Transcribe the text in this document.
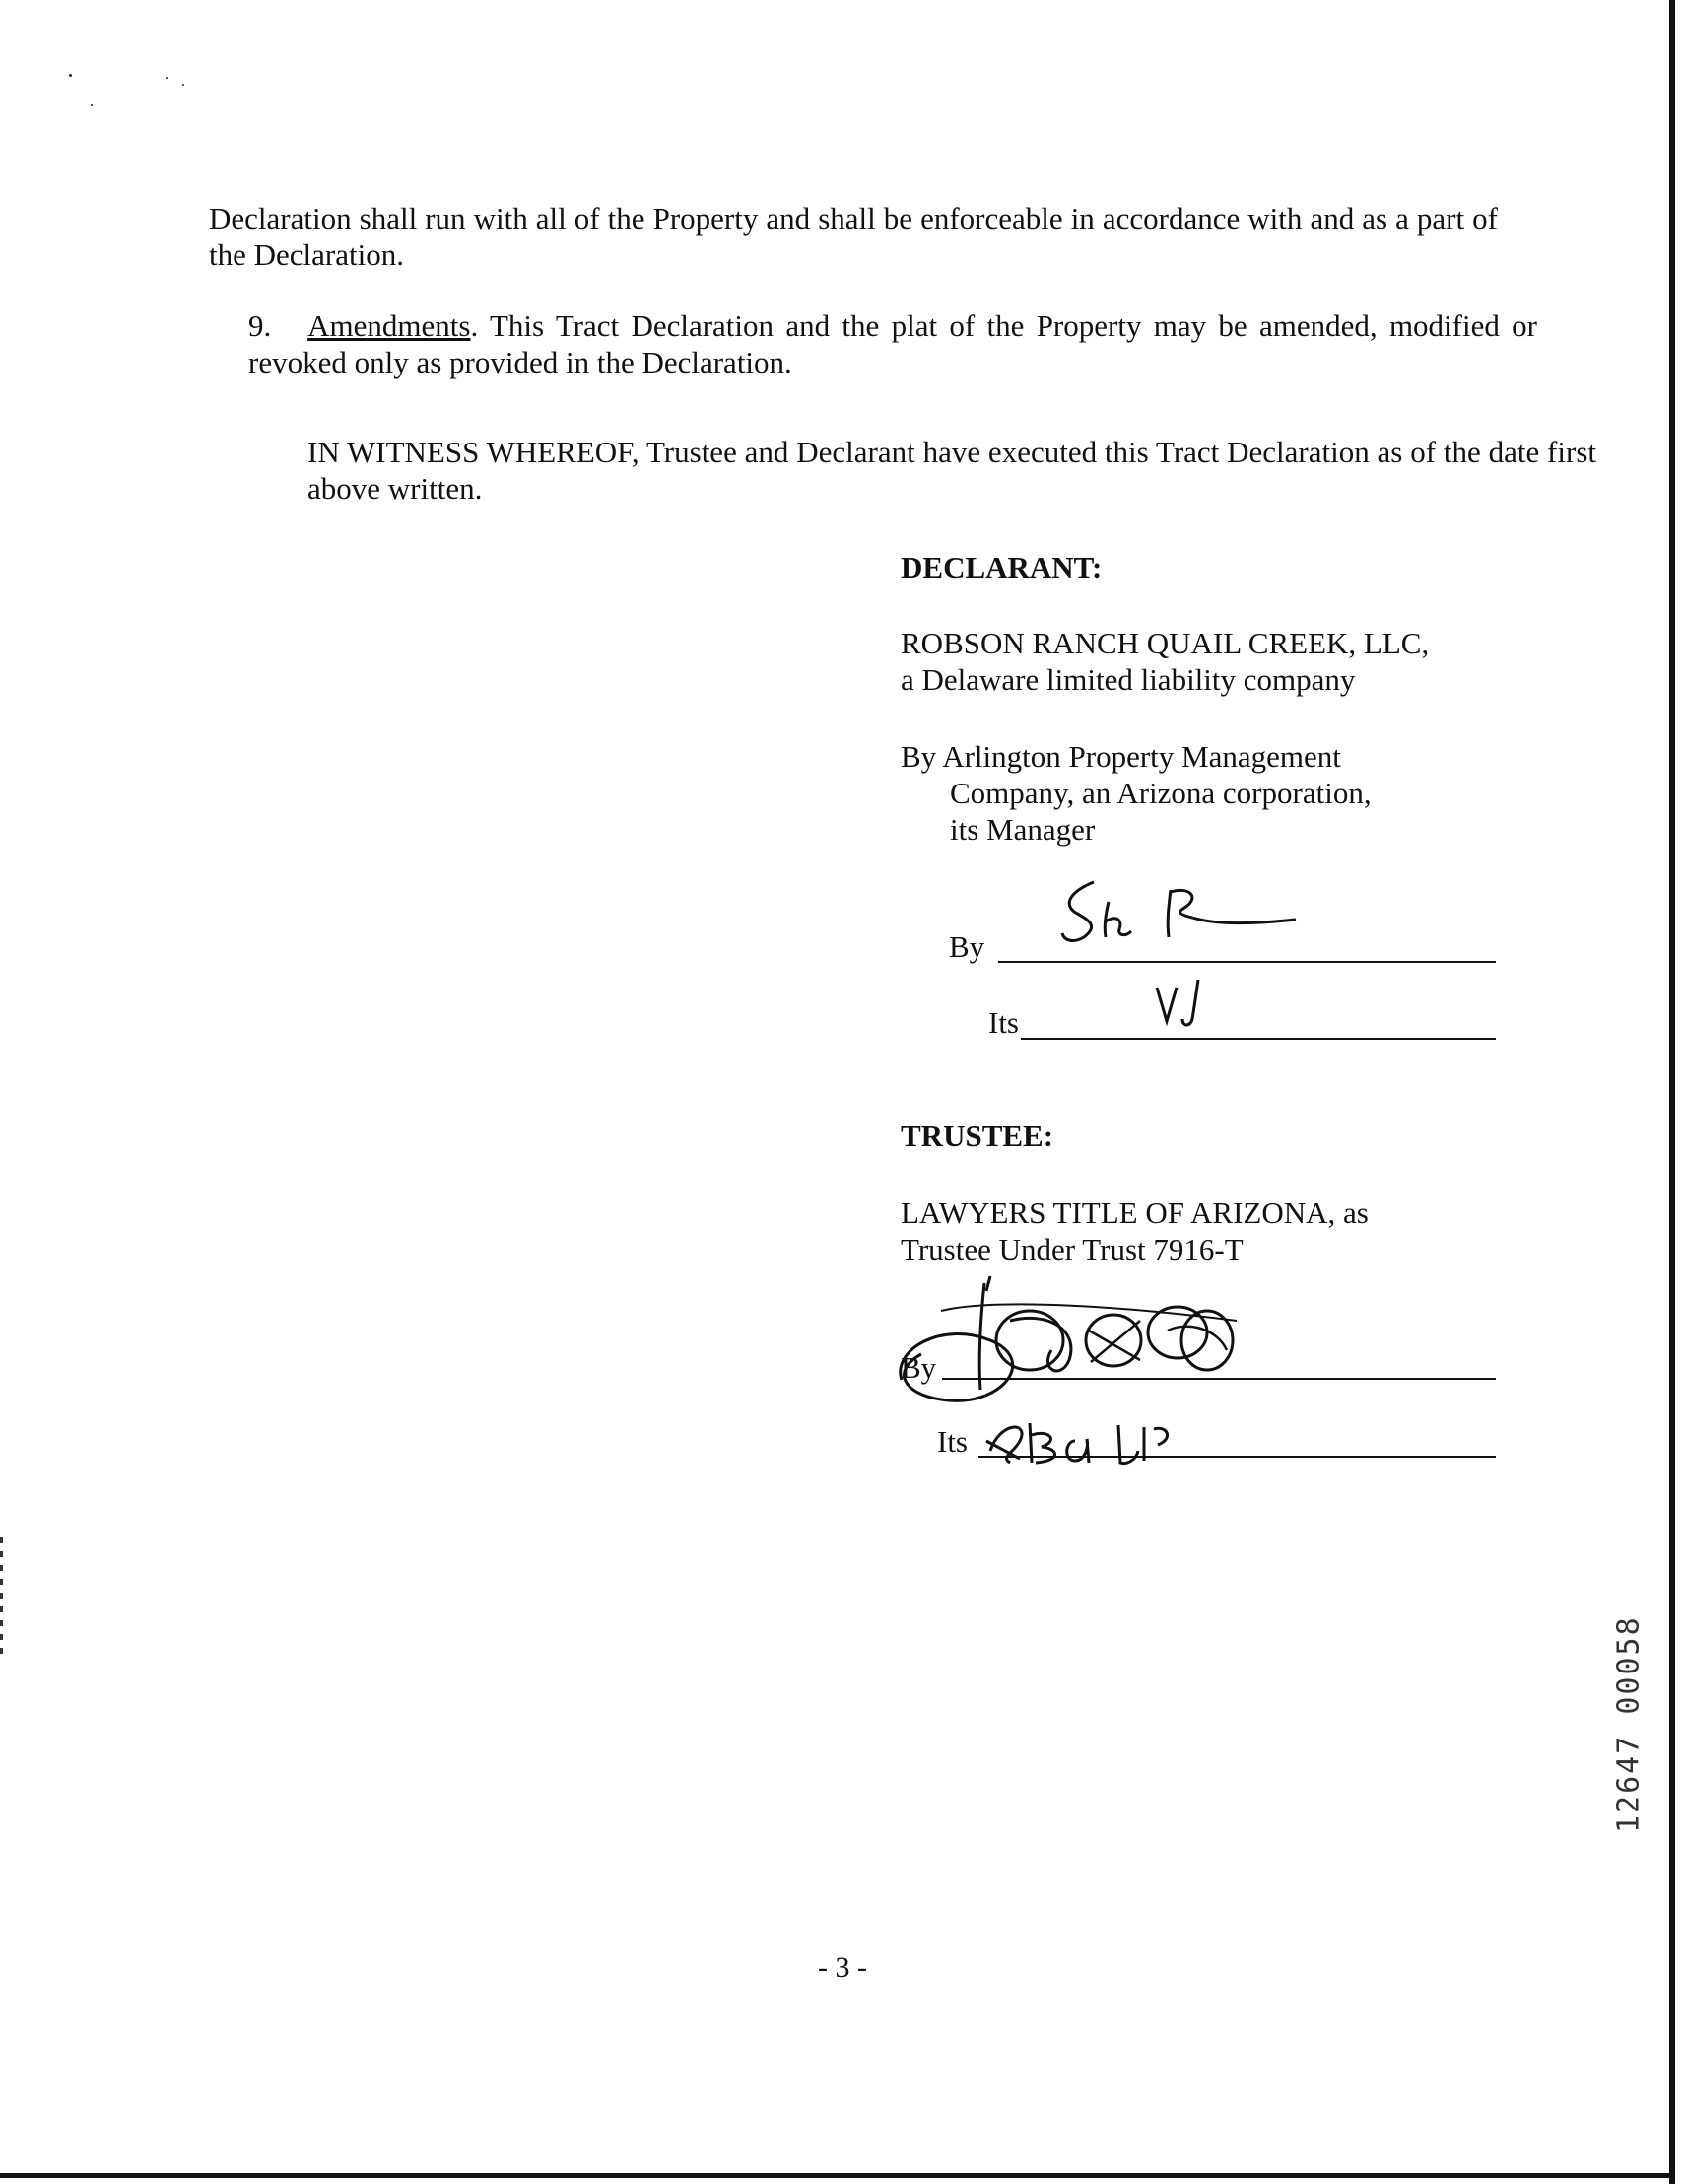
Declaration shall run with all of the Property and shall be enforceable in accordance with and as a part of the Declaration.

9. Amendments. This Tract Declaration and the plat of the Property may be amended, modified or revoked only as provided in the Declaration.

IN WITNESS WHEREOF, Trustee and Declarant have executed this Tract Declaration as of the date first above written.

DECLARANT:
ROBSON RANCH QUAIL CREEK, LLC,
a Delaware limited liability company
By Arlington Property Management
Company, an Arizona corporation,
its Manager
By
Its
TRUSTEE:
LAWYERS TITLE OF ARIZONA, as
Trustee Under Trust 7916-T
By
Its
12647 00058
- 3 -
